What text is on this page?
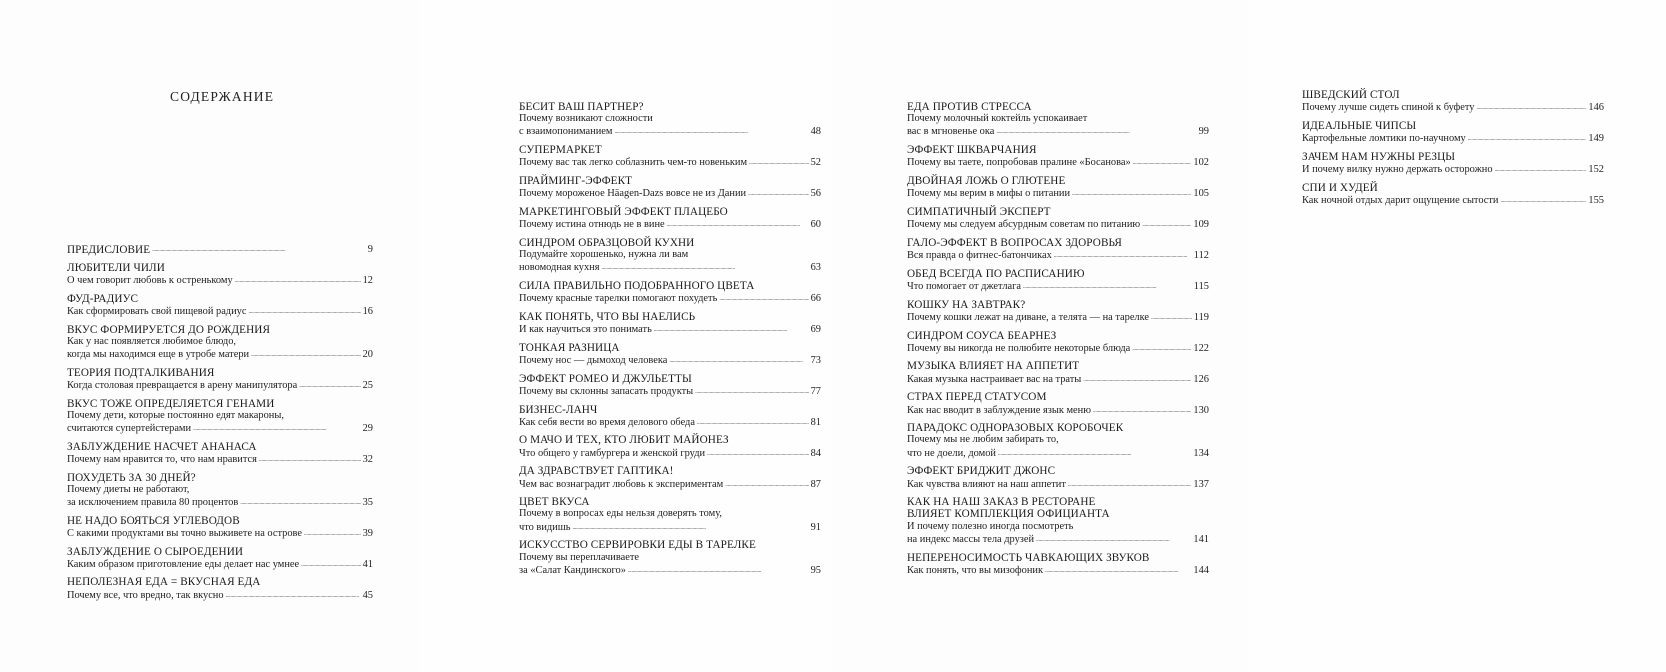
СОДЕРЖАНИЕ
ПРЕДИСЛОВИЕ . . .	9
ЛЮБИТЕЛИ ЧИЛИ
О чем говорит любовь к остренькому . . .	12
ФУД-РАДИУС
Как сформировать свой пищевой радиус . . .	16
ВКУС ФОРМИРУЕТСЯ ДО РОЖДЕНИЯ
Как у нас появляется любимое блюдо,
когда мы находимся еще в утробе матери . . .	20
ТЕОРИЯ ПОДТАЛКИВАНИЯ
Когда столовая превращается в арену манипулятора . . .	25
ВКУС ТОЖЕ ОПРЕДЕЛЯЕТСЯ ГЕНАМИ
Почему дети, которые постоянно едят макароны,
считаются супертейстерами . . .	29
ЗАБЛУЖДЕНИЕ НАСЧЕТ АНАНАСА
Почему нам нравится то, что нам нравится . . .	32
ПОХУДЕТЬ ЗА 30 ДНЕЙ?
Почему диеты не работают,
за исключением правила 80 процентов . . .	35
НЕ НАДО БОЯТЬСЯ УГЛЕВОДОВ
С какими продуктами вы точно выживете на острове . . .	39
ЗАБЛУЖДЕНИЕ О СЫРОЕДЕНИИ
Каким образом приготовление еды делает нас умнее . . .	41
НЕПОЛЕЗНАЯ ЕДА = ВКУСНАЯ ЕДА
Почему все, что вредно, так вкусно . . .	45
БЕСИТ ВАШ ПАРТНЕР?
Почему возникают сложности
с взаимопониманием . . .	48
СУПЕРМАРКЕТ
Почему вас так легко соблазнить чем-то новеньким . . .	52
ПРАЙМИНГ-ЭФФЕКТ
Почему мороженое Häagen-Dazs вовсе не из Дании . . .	56
МАРКЕТИНГОВЫЙ ЭФФЕКТ ПЛАЦЕБО
Почему истина отнюдь не в вине . . .	60
СИНДРОМ ОБРАЗЦОВОЙ КУХНИ
Подумайте хорошенько, нужна ли вам
новомодная кухня . . .	63
СИЛА ПРАВИЛЬНО ПОДОБРАННОГО ЦВЕТА
Почему красные тарелки помогают похудеть . . .	66
КАК ПОНЯТЬ, ЧТО ВЫ НАЕЛИСЬ
И как научиться это понимать . . .	69
ТОНКАЯ РАЗНИЦА
Почему нос — дымоход человека . . .	73
ЭФФЕКТ РОМЕО И ДЖУЛЬЕТТЫ
Почему вы склонны запасать продукты . . .	77
БИЗНЕС-ЛАНЧ
Как себя вести во время делового обеда . . .	81
О МАЧО И ТЕХ, КТО ЛЮБИТ МАЙОНЕЗ
Что общего у гамбургера и женской груди . . .	84
ДА ЗДРАВСТВУЕТ ГАПТИКА!
Чем вас вознаградит любовь к экспериментам . . .	87
ЦВЕТ ВКУСА
Почему в вопросах еды нельзя доверять тому,
что видишь . . .	91
ИСКУССТВО СЕРВИРОВКИ ЕДЫ В ТАРЕЛКЕ
Почему вы переплачиваете
за «Салат Кандинского» . . .	95
ЕДА ПРОТИВ СТРЕССА
Почему молочный коктейль успокаивает
вас в мгновенье ока . . .	99
ЭФФЕКТ ШКВАРЧАНИЯ
Почему вы таете, попробовав пралине «Босанова» . . .	102
ДВОЙНАЯ ЛОЖЬ О ГЛЮТЕНЕ
Почему мы верим в мифы о питании . . .	105
СИМПАТИЧНЫЙ ЭКСПЕРТ
Почему мы следуем абсурдным советам по питанию . . .	109
ГАЛО-ЭФФЕКТ В ВОПРОСАХ ЗДОРОВЬЯ
Вся правда о фитнес-батончиках . . .	112
ОБЕД ВСЕГДА ПО РАСПИСАНИЮ
Что помогает от джетлага . . .	115
КОШКУ НА ЗАВТРАК?
Почему кошки лежат на диване, а телята — на тарелке . . .	119
СИНДРОМ СОУСА БЕАРНЕЗ
Почему вы никогда не полюбите некоторые блюда . . .	122
МУЗЫКА ВЛИЯЕТ НА АППЕТИТ
Какая музыка настраивает вас на траты . . .	126
СТРАХ ПЕРЕД СТАТУСОМ
Как нас вводит в заблуждение язык меню . . .	130
ПАРАДОКС ОДНОРАЗОВЫХ КОРОБОЧЕК
Почему мы не любим забирать то,
что не доели, домой . . .	134
ЭФФЕКТ БРИДЖИТ ДЖОНС
Как чувства влияют на наш аппетит . . .	137
КАК НА НАШ ЗАКАЗ В РЕСТОРАНЕ ВЛИЯЕТ КОМПЛЕКЦИЯ ОФИЦИАНТА
И почему полезно иногда посмотреть
на индекс массы тела друзей . . .	141
НЕПЕРЕНОСИМОСТЬ ЧАВКАЮЩИХ ЗВУКОВ
Как понять, что вы мизофоник . . .	144
ШВЕДСКИЙ СТОЛ
Почему лучше сидеть спиной к буфету . . .	146
ИДЕАЛЬНЫЕ ЧИПСЫ
Картофельные ломтики по-научному . . .	149
ЗАЧЕМ НАМ НУЖНЫ РЕЗЦЫ
И почему вилку нужно держать осторожно . . .	152
СПИ И ХУДЕЙ
Как ночной отдых дарит ощущение сытости . . .	155
